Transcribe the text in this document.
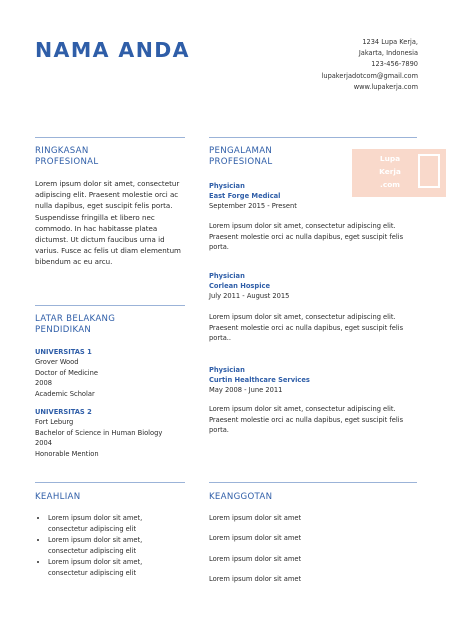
NAMA ANDA	1234 Lupa Kerja,
Jakarta, Indonesia
123-456-7890
lupakerjadotcom@gmail.com
www.lupakerja.com
Lupa
Kerja
.com
RINGKASAN
PROFESIONAL
Lorem ipsum dolor sit amet, consectetur adipiscing elit. Praesent molestie orci ac nulla dapibus, eget suscipit felis porta. Suspendisse fringilla et libero nec commodo. In hac habitasse platea dictumst. Ut dictum faucibus urna id varius. Fusce ac felis ut diam elementum bibendum ac eu arcu.
LATAR BELAKANG
PENDIDIKAN
UNIVERSITAS 1
Grover Wood
Doctor of Medicine
2008
Academic Scholar
UNIVERSITAS 2
Fort Leburg
Bachelor of Science in Human Biology
2004
Honorable Mention
PENGALAMAN
PROFESIONAL
Physician
East Forge Medical
September 2015 - Present
Lorem ipsum dolor sit amet, consectetur adipiscing elit. Praesent molestie orci ac nulla dapibus, eget suscipit felis porta.
Physician
Corlean Hospice
July 2011 - August 2015
Lorem ipsum dolor sit amet, consectetur adipiscing elit. Praesent molestie orci ac nulla dapibus, eget suscipit felis porta..
Physician
Curtin Healthcare Services
May 2008 - June 2011
Lorem ipsum dolor sit amet, consectetur adipiscing elit. Praesent molestie orci ac nulla dapibus, eget suscipit felis porta.
KEAHLIAN
• Lorem ipsum dolor sit amet,
consectetur adipiscing elit
• Lorem ipsum dolor sit amet,
consectetur adipiscing elit
• Lorem ipsum dolor sit amet,
consectetur adipiscing elit
KEANGGOTAN
Lorem ipsum dolor sit amet
Lorem ipsum dolor sit amet
Lorem ipsum dolor sit amet
Lorem ipsum dolor sit amet
